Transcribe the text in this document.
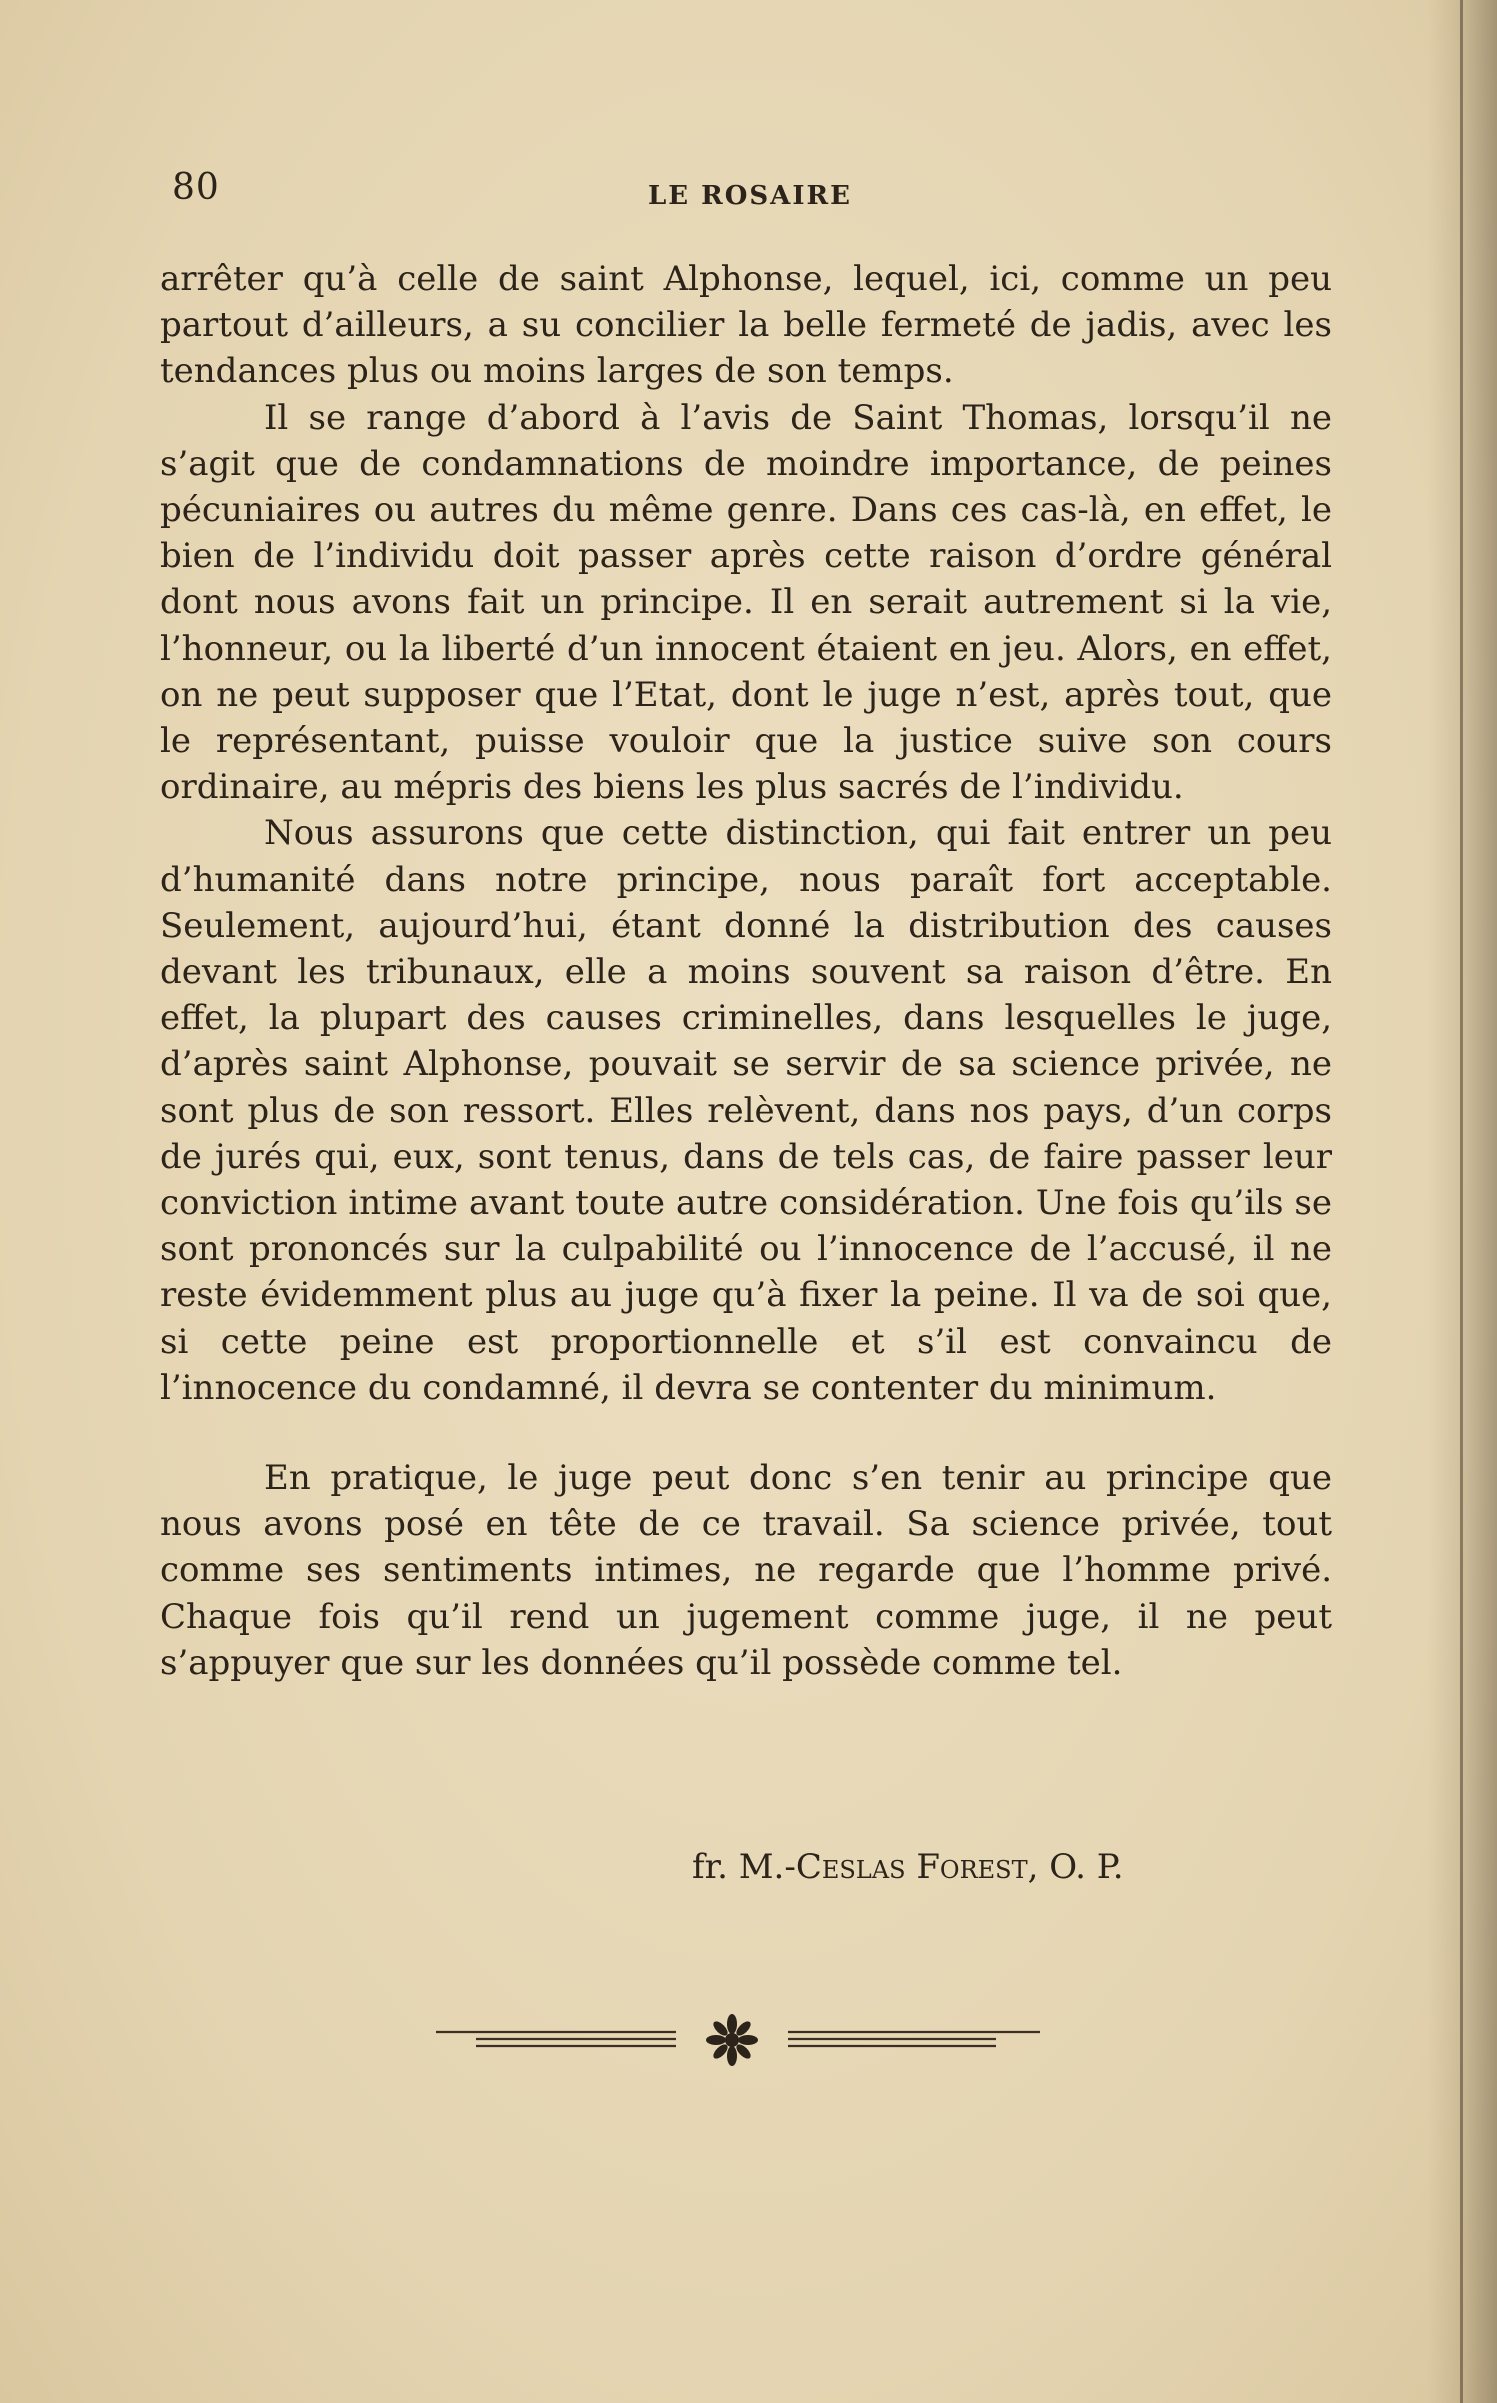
80	LE ROSAIRE

arrêter qu’à celle de saint Alphonse, lequel, ici, comme un peu partout d’ailleurs, a su concilier la belle fermeté de jadis, avec les tendances plus ou moins larges de son temps.

Il se range d’abord à l’avis de Saint Thomas, lorsqu’il ne s’agit que de condamnations de moindre importance, de peines pécuniaires ou autres du même genre. Dans ces cas-là, en effet, le bien de l’individu doit passer après cette raison d’ordre général dont nous avons fait un principe. Il en serait autrement si la vie, l’honneur, ou la liberté d’un innocent étaient en jeu. Alors, en effet, on ne peut supposer que l’Etat, dont le juge n’est, après tout, que le représentant, puisse vouloir que la justice suive son cours ordinaire, au mépris des biens les plus sacrés de l’individu.

Nous assurons que cette distinction, qui fait entrer un peu d’humanité dans notre principe, nous paraît fort acceptable. Seulement, aujourd’hui, étant donné la distribution des causes devant les tribunaux, elle a moins souvent sa raison d’être. En effet, la plupart des causes criminelles, dans lesquelles le juge, d’après saint Alphonse, pouvait se servir de sa science privée, ne sont plus de son ressort. Elles relèvent, dans nos pays, d’un corps de jurés qui, eux, sont tenus, dans de tels cas, de faire passer leur conviction intime avant toute autre considération. Une fois qu’ils se sont prononcés sur la culpabilité ou l’innocence de l’accusé, il ne reste évidemment plus au juge qu’à fixer la peine. Il va de soi que, si cette peine est proportionnelle et s’il est convaincu de l’innocence du condamné, il devra se contenter du minimum.

En pratique, le juge peut donc s’en tenir au principe que nous avons posé en tête de ce travail. Sa science privée, tout comme ses sentiments intimes, ne regarde que l’homme privé. Chaque fois qu’il rend un jugement comme juge, il ne peut s’appuyer que sur les données qu’il possède comme tel.

fr. M.-Ceslas Forest, O. P.
